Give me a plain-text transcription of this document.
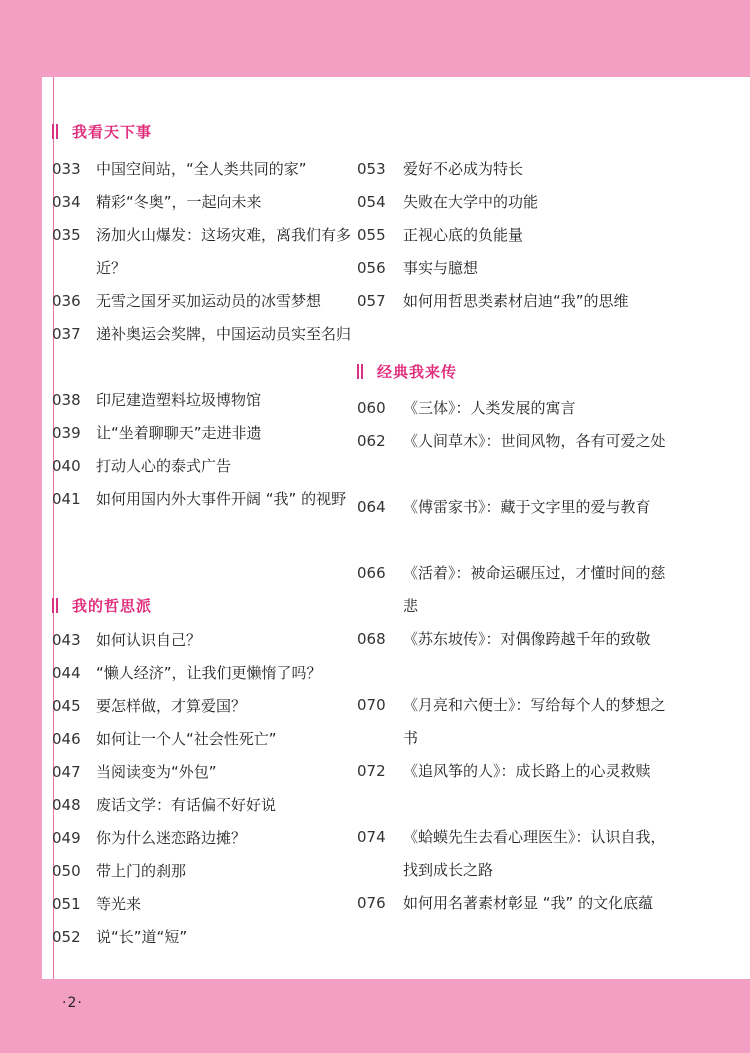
我看天下事
033	中国空间站，“全人类共同的家”
034	精彩“冬奥”，一起向未来
035	汤加火山爆发：这场灾难，离我们有多近？
036	无雪之国牙买加运动员的冰雪梦想
037	递补奥运会奖牌，中国运动员实至名归
038	印尼建造塑料垃圾博物馆
039	让“坐着聊聊天”走进非遗
040	打动人心的泰式广告
041	如何用国内外大事件开阔 “我” 的视野
我的哲思派
043	如何认识自己？
044	“懒人经济”，让我们更懒惰了吗？
045	要怎样做，才算爱国？
046	如何让一个人“社会性死亡”
047	当阅读变为“外包”
048	废话文学：有话偏不好好说
049	你为什么迷恋路边摊？
050	带上门的刹那
051	等光来
052	说“长”道“短”
053	爱好不必成为特长
054	失败在大学中的功能
055	正视心底的负能量
056	事实与臆想
057	如何用哲思类素材启迪“我”的思维
经典我来传
060	《三体》：人类发展的寓言
062	《人间草木》：世间风物，各有可爱之处
064	《傅雷家书》：藏于文字里的爱与教育
066	《活着》：被命运碾压过，才懂时间的慈悲
068	《苏东坡传》：对偶像跨越千年的致敬
070	《月亮和六便士》：写给每个人的梦想之书
072	《追风筝的人》：成长路上的心灵救赎
074	《蛤蟆先生去看心理医生》：认识自我，找到成长之路
076	如何用名著素材彰显 “我” 的文化底蕴
·2·
